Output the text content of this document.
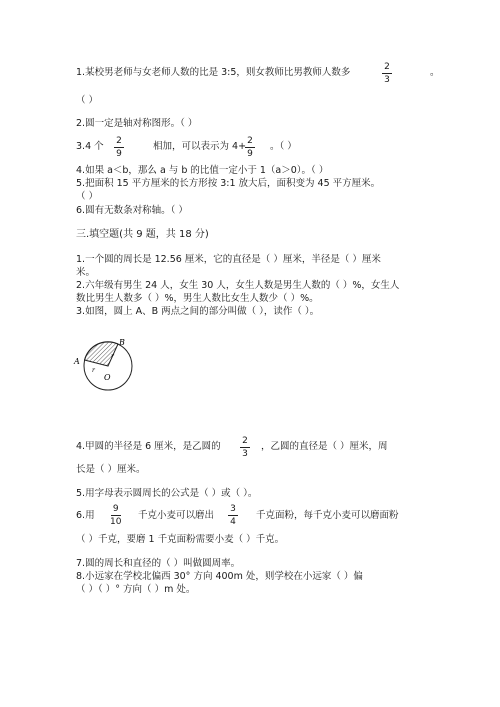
1.某校男老师与女老师人数的比是 3:5，则女教师比男教师人数多	2
3
。
（ ）
2.圆一定是轴对称图形。（ ）
3.4 个 2
9
相加，可以表示为 4+ 2
9
。（ ）
4.如果 a＜b，那么 a 与 b 的比值一定小于 1（a＞0）。（ ）
5.把面积 15 平方厘米的长方形按 3:1 放大后，面积变为 45 平方厘米。
（ ）
6.圆有无数条对称轴。（ ）
三.填空题(共 9 题，共 18 分)
1.一个圆的周长是 12.56 厘米，它的直径是（ ）厘米，半径是（ ）厘米
米。
2.六年级有男生 24 人，女生 30 人，女生人数是男生人数的（ ）%，女生人
数比男生人数多（ ）%，男生人数比女生人数少（ ）%。
3.如图，圆上 A、B 两点之间的部分叫做（ ），读作（ ）。
A
B
O
r
r
4.甲圆的半径是 6 厘米，是乙圆的 2
3
，乙圆的直径是（ ）厘米，周
长是（ ）厘米。
5.用字母表示圆周长的公式是（ ）或（ ）。
6.用
9
10
千克小麦可以磨出
3
4
千克面粉，每千克小麦可以磨面粉
（ ）千克，要磨 1 千克面粉需要小麦（ ）千克。
7.圆的周长和直径的（ ）叫做圆周率。
8.小远家在学校北偏西 30° 方向 400m 处，则学校在小远家（ ）偏
（ ）（ ）° 方向（ ）m 处。
